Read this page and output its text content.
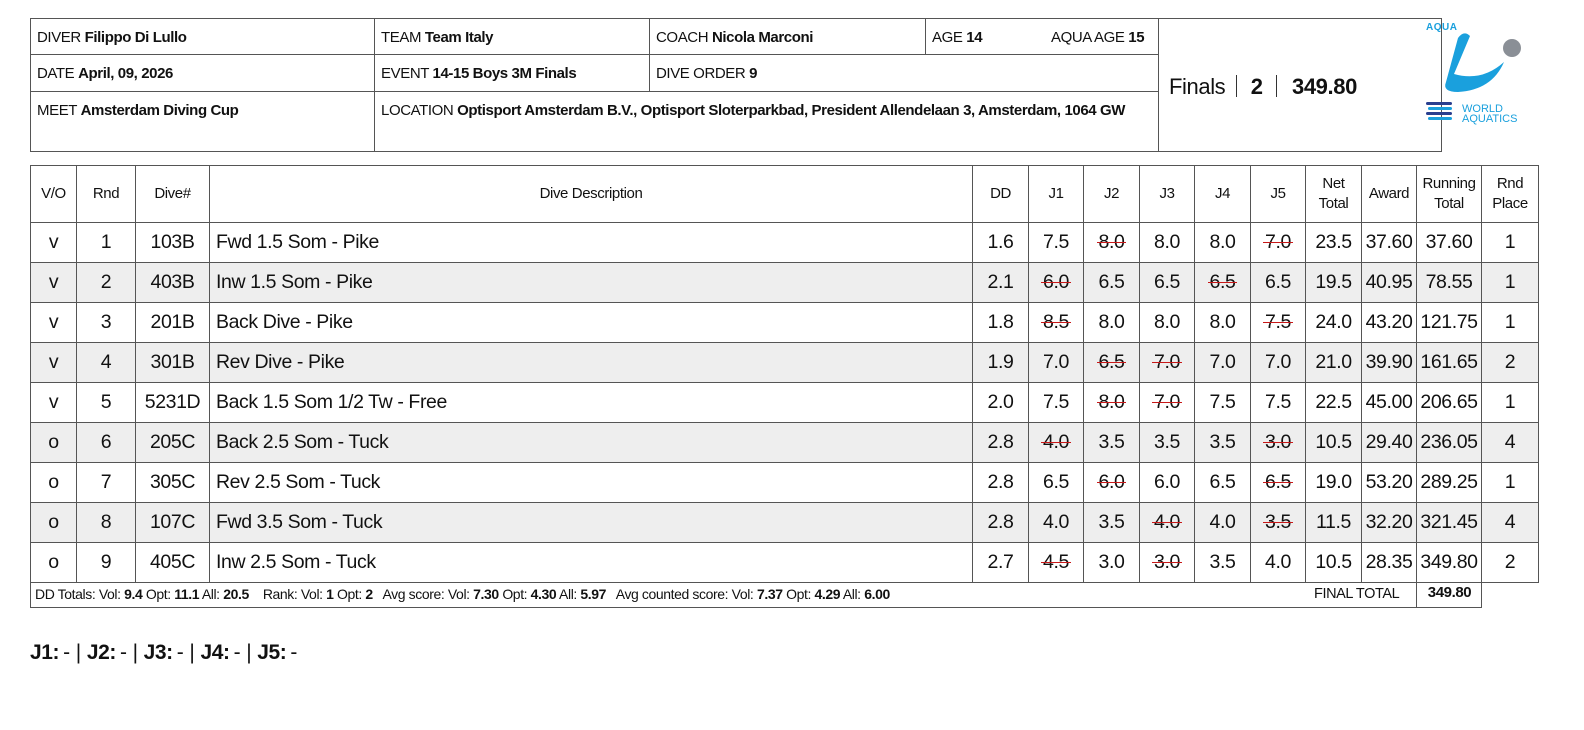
DIVER Filippo Di Lullo	TEAM Team Italy	COACH Nicola Marconi	AGE 14	AQUA AGE 15
DATE April, 09, 2026	EVENT 14-15 Boys 3M Finals	DIVE ORDER 9
MEET Amsterdam Diving Cup	LOCATION Optisport Amsterdam B.V., Optisport Sloterparkbad, President Allendelaan 3, Amsterdam, 1064 GW
Finals 2 349.80
AQUA
WORLD
AQUATICS
V/O	Rnd	Dive#	Dive Description	DD	J1	J2	J3	J4	J5	Net Total	Award	Running Total	Rnd Place
v	1	103B	Fwd 1.5 Som - Pike	1.6	7.5	8.0	8.0	8.0	7.0	23.5	37.60	37.60	1
v	2	403B	Inw 1.5 Som - Pike	2.1	6.0	6.5	6.5	6.5	6.5	19.5	40.95	78.55	1
v	3	201B	Back Dive - Pike	1.8	8.5	8.0	8.0	8.0	7.5	24.0	43.20	121.75	1
v	4	301B	Rev Dive - Pike	1.9	7.0	6.5	7.0	7.0	7.0	21.0	39.90	161.65	2
v	5	5231D	Back 1.5 Som 1/2 Tw - Free	2.0	7.5	8.0	7.0	7.5	7.5	22.5	45.00	206.65	1
o	6	205C	Back 2.5 Som - Tuck	2.8	4.0	3.5	3.5	3.5	3.0	10.5	29.40	236.05	4
o	7	305C	Rev 2.5 Som - Tuck	2.8	6.5	6.0	6.0	6.5	6.5	19.0	53.20	289.25	1
o	8	107C	Fwd 3.5 Som - Tuck	2.8	4.0	3.5	4.0	4.0	3.5	11.5	32.20	321.45	4
o	9	405C	Inw 2.5 Som - Tuck	2.7	4.5	3.0	3.0	3.5	4.0	10.5	28.35	349.80	2
DD Totals: Vol: 9.4 Opt: 11.1 All: 20.5 Rank: Vol: 1 Opt: 2 Avg score: Vol: 7.30 Opt: 4.30 All: 5.97 Avg counted score: Vol: 7.37 Opt: 4.29 All: 6.00	FINAL TOTAL	349.80
J1: - | J2: - | J3: - | J4: - | J5: -
